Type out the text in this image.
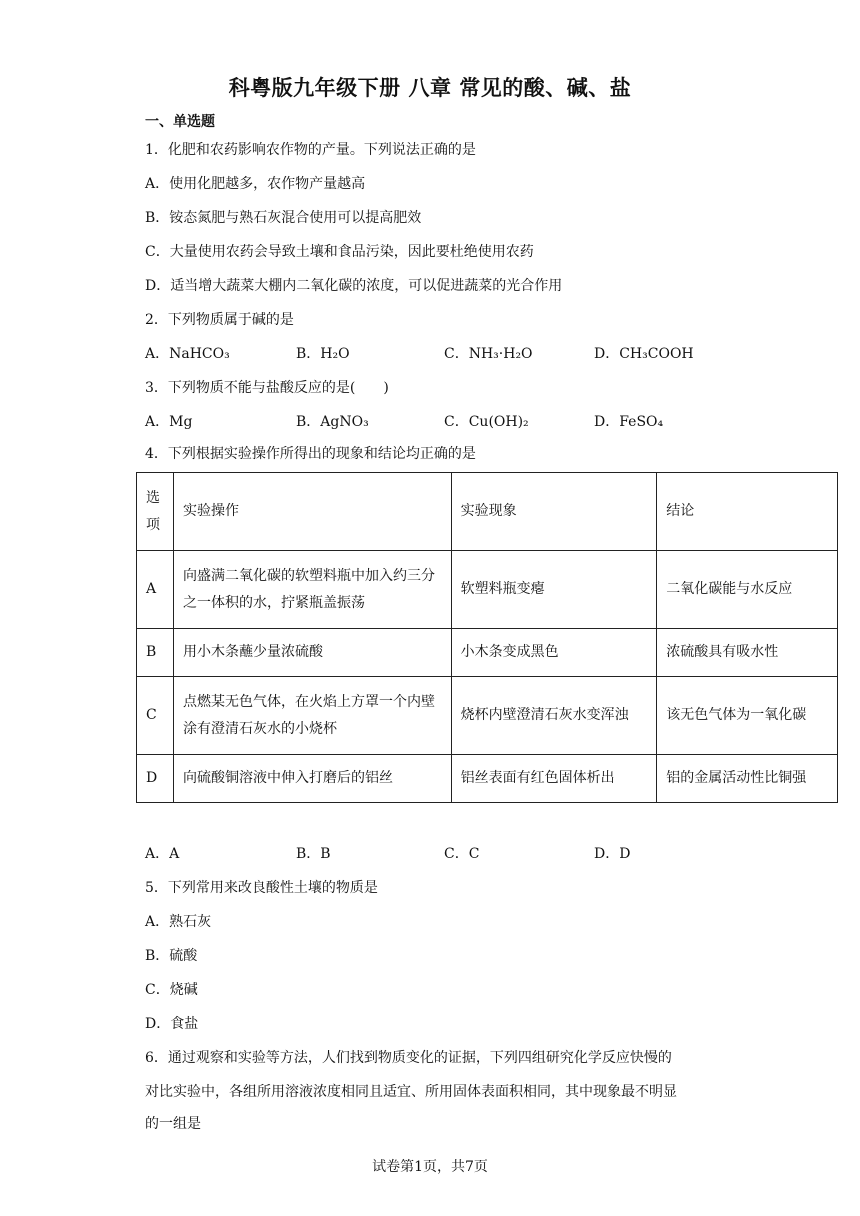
科粤版九年级下册 八章 常见的酸、碱、盐
一、单选题
1．化肥和农药影响农作物的产量。下列说法正确的是
A．使用化肥越多，农作物产量越高
B．铵态氮肥与熟石灰混合使用可以提高肥效
C．大量使用农药会导致土壤和食品污染，因此要杜绝使用农药
D．适当增大蔬菜大棚内二氧化碳的浓度，可以促进蔬菜的光合作用
2．下列物质属于碱的是
A．NaHCO₃	B．H₂O	C．NH₃·H₂O	D．CH₃COOH
3．下列物质不能与盐酸反应的是(　　)
A．Mg	B．AgNO₃	C．Cu(OH)₂	D．FeSO₄
4．下列根据实验操作所得出的现象和结论均正确的是
选项	实验操作	实验现象	结论
A	向盛满二氧化碳的软塑料瓶中加入约三分之一体积的水，拧紧瓶盖振荡	软塑料瓶变瘪	二氧化碳能与水反应
B	用小木条蘸少量浓硫酸	小木条变成黑色	浓硫酸具有吸水性
C	点燃某无色气体，在火焰上方罩一个内壁涂有澄清石灰水的小烧杯	烧杯内壁澄清石灰水变浑浊	该无色气体为一氧化碳
D	向硫酸铜溶液中伸入打磨后的铝丝	铝丝表面有红色固体析出	铝的金属活动性比铜强
A．A	B．B	C．C	D．D
5．下列常用来改良酸性土壤的物质是
A．熟石灰
B．硫酸
C．烧碱
D．食盐
6．通过观察和实验等方法，人们找到物质变化的证据，下列四组研究化学反应快慢的
对比实验中，各组所用溶液浓度相同且适宜、所用固体表面积相同，其中现象最不明显
的一组是
试卷第1页，共7页
